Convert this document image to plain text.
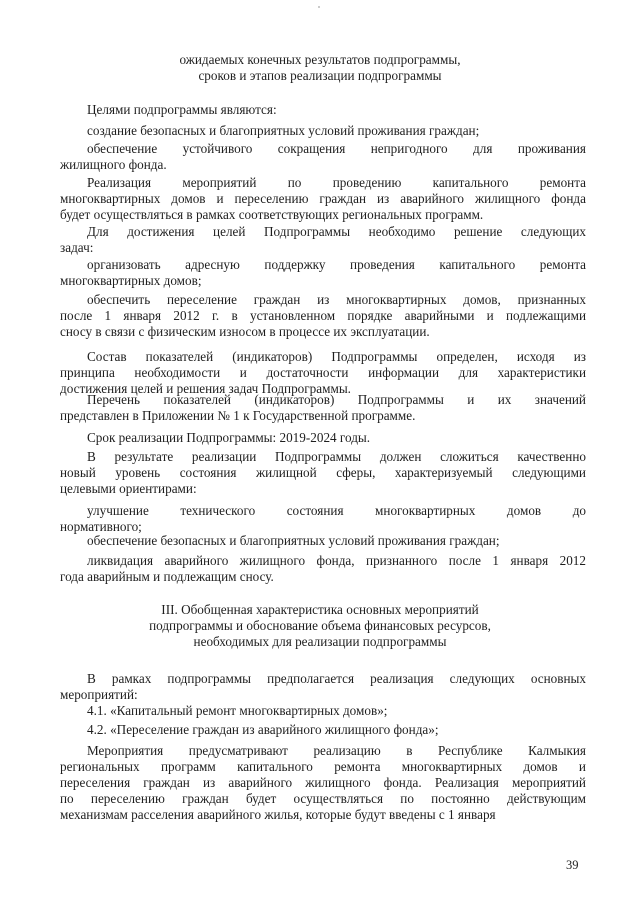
ожидаемых конечных результатов подпрограммы,
сроков и этапов реализации подпрограммы
Целями подпрограммы являются:
создание безопасных и благоприятных условий проживания граждан;
обеспечение устойчивого сокращения непригодного для проживания
жилищного фонда.
Реализация мероприятий по проведению капитального ремонта
многоквартирных домов и переселению граждан из аварийного жилищного фонда
будет осуществляться в рамках соответствующих региональных программ.
Для достижения целей Подпрограммы необходимо решение следующих
задач:
организовать адресную поддержку проведения капитального ремонта
многоквартирных домов;
обеспечить переселение граждан из многоквартирных домов, признанных
после 1 января 2012 г. в установленном порядке аварийными и подлежащими
сносу в связи с физическим износом в процессе их эксплуатации.
Состав показателей (индикаторов) Подпрограммы определен, исходя из
принципа необходимости и достаточности информации для характеристики
достижения целей и решения задач Подпрограммы.
Перечень показателей (индикаторов) Подпрограммы и их значений
представлен в Приложении № 1 к Государственной программе.
Срок реализации Подпрограммы: 2019-2024 годы.
В результате реализации Подпрограммы должен сложиться качественно
новый уровень состояния жилищной сферы, характеризуемый следующими
целевыми ориентирами:
улучшение технического состояния многоквартирных домов до
нормативного;
обеспечение безопасных и благоприятных условий проживания граждан;
ликвидация аварийного жилищного фонда, признанного после 1 января 2012
года аварийным и подлежащим сносу.
III. Обобщенная характеристика основных мероприятий
подпрограммы и обоснование объема финансовых ресурсов,
необходимых для реализации подпрограммы
В рамках подпрограммы предполагается реализация следующих основных
мероприятий:
4.1. «Капитальный ремонт многоквартирных домов»;
4.2. «Переселение граждан из аварийного жилищного фонда»;
Мероприятия предусматривают реализацию в Республике Калмыкия
региональных программ капитального ремонта многоквартирных домов и
переселения граждан из аварийного жилищного фонда. Реализация мероприятий
по переселению граждан будет осуществляться по постоянно действующим
механизмам расселения аварийного жилья, которые будут введены с 1 января
39
